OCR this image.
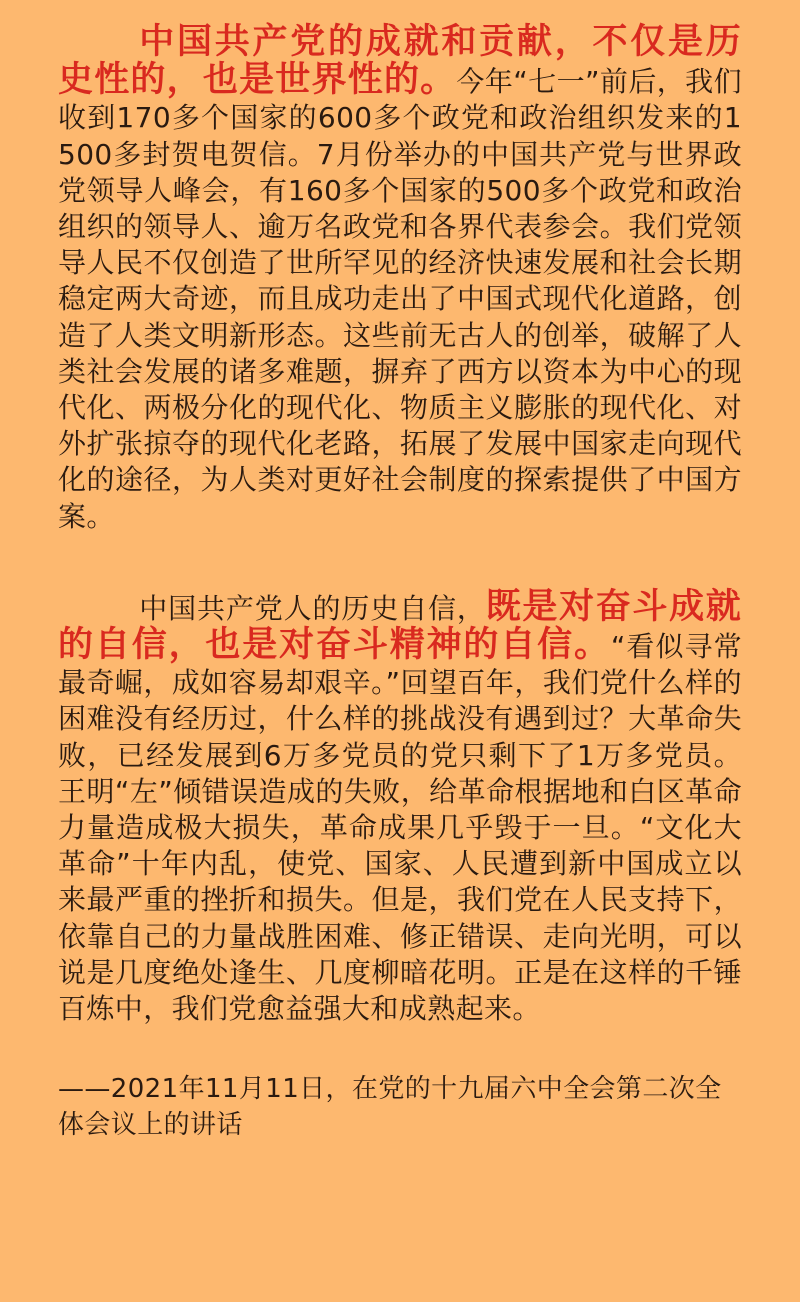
中国共产党的成就和贡献，不仅是历史性的，也是世界性的。今年“七一”前后，我们收到170多个国家的600多个政党和政治组织发来的1500多封贺电贺信。7月份举办的中国共产党与世界政党领导人峰会，有160多个国家的500多个政党和政治组织的领导人、逾万名政党和各界代表参会。我们党领导人民不仅创造了世所罕见的经济快速发展和社会长期稳定两大奇迹，而且成功走出了中国式现代化道路，创造了人类文明新形态。这些前无古人的创举，破解了人类社会发展的诸多难题，摒弃了西方以资本为中心的现代化、两极分化的现代化、物质主义膨胀的现代化、对外扩张掠夺的现代化老路，拓展了发展中国家走向现代化的途径，为人类对更好社会制度的探索提供了中国方案。

中国共产党人的历史自信，既是对奋斗成就的自信，也是对奋斗精神的自信。“看似寻常最奇崛，成如容易却艰辛。”回望百年，我们党什么样的困难没有经历过，什么样的挑战没有遇到过？大革命失败，已经发展到6万多党员的党只剩下了1万多党员。王明“左”倾错误造成的失败，给革命根据地和白区革命力量造成极大损失，革命成果几乎毁于一旦。“文化大革命”十年内乱，使党、国家、人民遭到新中国成立以来最严重的挫折和损失。但是，我们党在人民支持下，依靠自己的力量战胜困难、修正错误、走向光明，可以说是几度绝处逢生、几度柳暗花明。正是在这样的千锤百炼中，我们党愈益强大和成熟起来。

——2021年11月11日，在党的十九届六中全会第二次全体会议上的讲话
